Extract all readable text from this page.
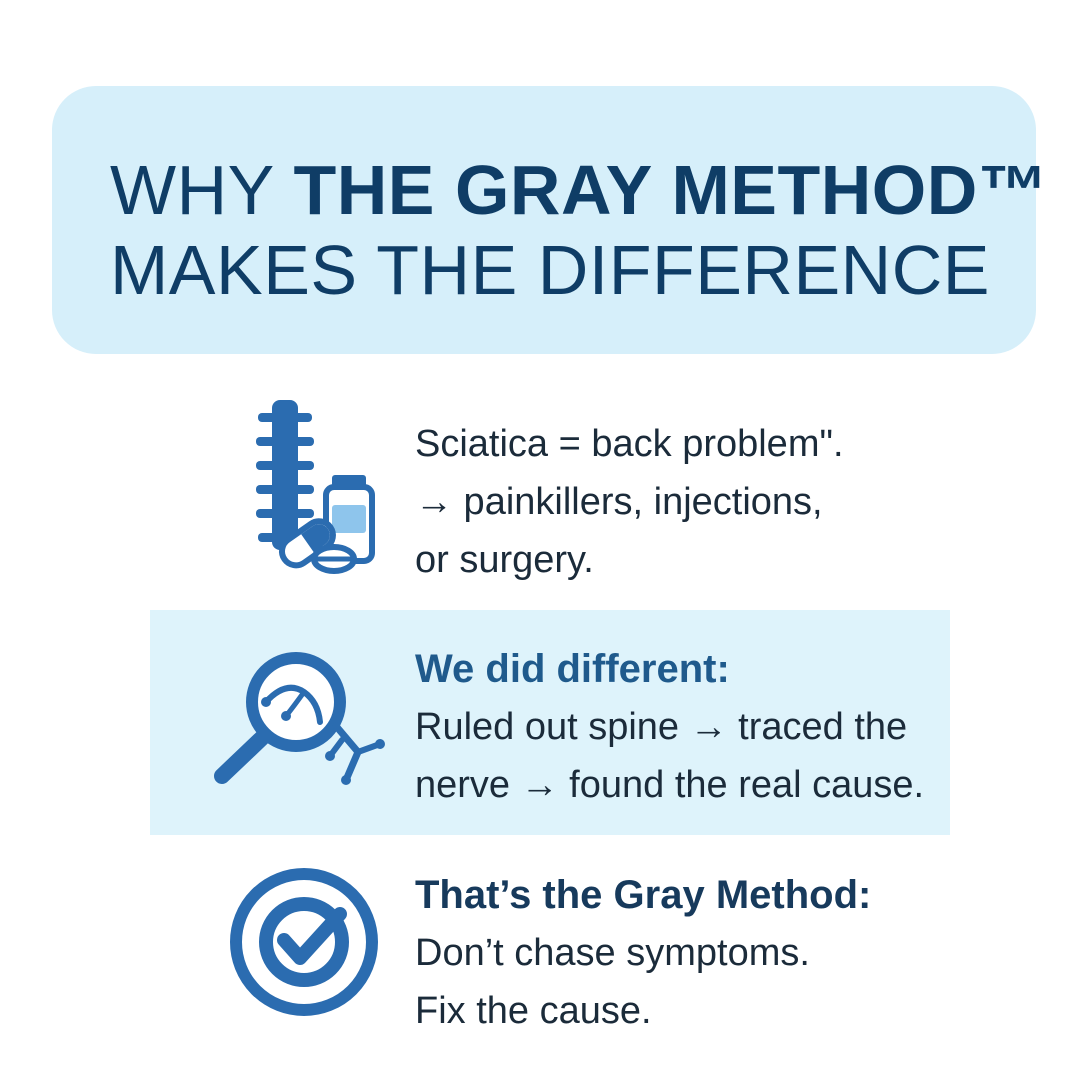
WHY THE GRAY METHOD™
MAKES THE DIFFERENCE
Sciatica = back problem".
→ painkillers, injections,
or surgery.
We did different:
Ruled out spine → traced the
nerve → found the real cause.
That’s the Gray Method:
Don’t chase symptoms.
Fix the cause.
